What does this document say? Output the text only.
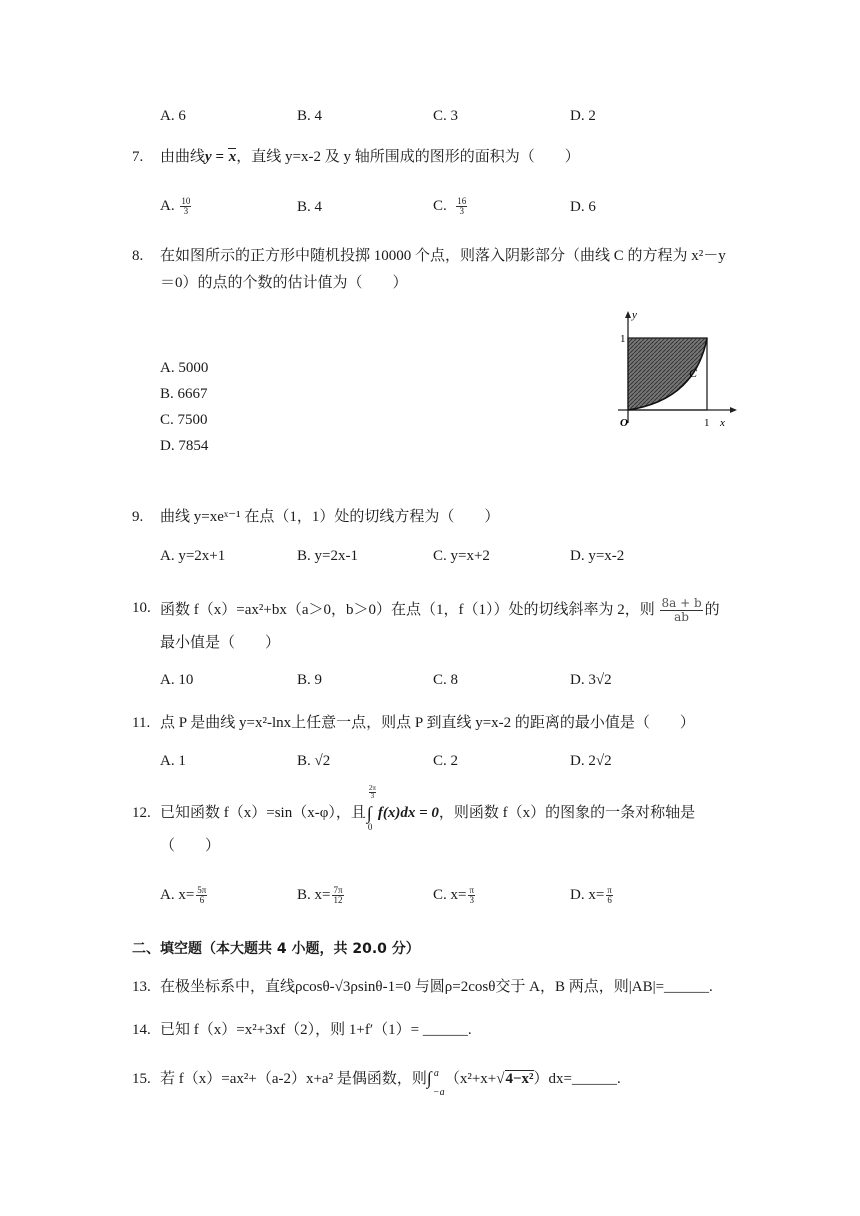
A. 6	B. 4	C. 3	D. 2
7. 由曲线y = x，直线 y=x-2 及 y 轴所围成的图形的面积为（　　）
A. $\frac{10}{3}$	B. 4	C. $\frac{16}{3}$	D. 6
8. 在如图所示的正方形中随机投掷 10000 个点，则落入阴影部分（曲线 C 的方程为 x²－y
＝0）的点的个数的估计值为（　　）
A. 5000
B. 6667
C. 7500
D. 7854
y
1
C
O	1 x
9. 曲线 y=xeˣ⁻¹ 在点（1，1）处的切线方程为（　　）
A. y=2x+1	B. y=2x-1	C. y=x+2	D. y=x-2
10. 函数 f（x）=ax²+bx（a＞0，b＞0）在点（1，f（1））处的切线斜率为 2，则 $\frac{8a + b}{ab}$ 的
最小值是（　　）
A. 10	B. 9	C. 8	D. 3√2
11. 点 P 是曲线 y=x²-lnx上任意一点，则点 P 到直线 y=x-2 的距离的最小值是（　　）
A. 1	B. √2	C. 2	D. 2√2
12. 已知函数 f（x）=sin（x-φ），且
2π
3
∫
0
f(x)dx = 0，则函数 f（x）的图象的一条对称轴是
（　　）
A. $x= \frac{5\pi}{6}$	B. $x= \frac{7\pi}{12}$	C. $x= \frac{\pi}{3}$	D. $x= \frac{\pi}{6}$
二、填空题（本大题共 4 小题，共 20.0 分）
13. 在极坐标系中，直线ρcosθ-√3ρsinθ-1=0 与圆ρ=2cosθ交于 A，B 两点，则|AB|=______.
14. 已知 f（x）=x²+3xf（2），则 1+f′（1）= ______.
15. 若 f（x）=ax²+（a-2）x+a² 是偶函数，则 ∫ a
−a
（x²+x+√4−x²）dx=______.
